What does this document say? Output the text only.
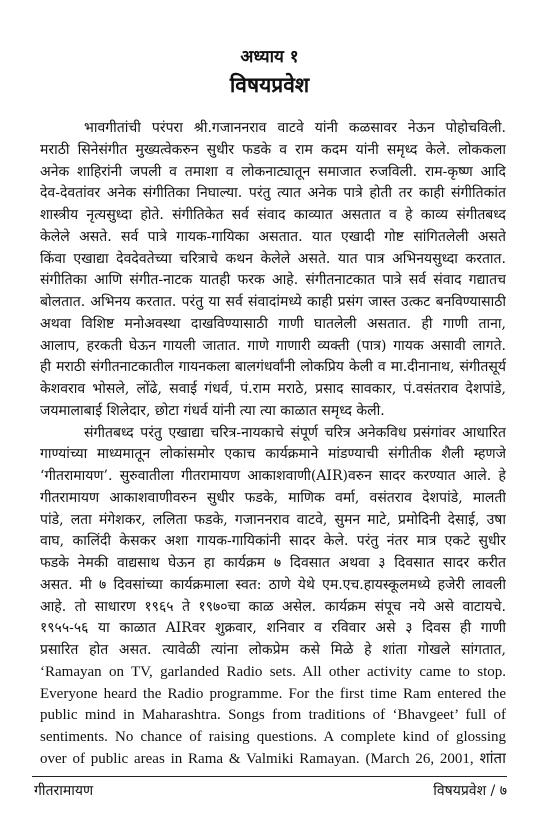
अध्याय १
विषयप्रवेश
भावगीतांची परंपरा श्री.गजाननराव वाटवे यांनी कळसावर नेऊन पोहोचविली.
मराठी सिनेसंगीत मुख्यत्वेकरुन सुधीर फडके व राम कदम यांनी समृध्द केले. लोककला
अनेक शाहिरांनी जपली व तमाशा व लोकनाट्यातून समाजात रुजविली. राम-कृष्ण आदि
देव-देवतांवर अनेक संगीतिका निघाल्या. परंतु त्यात अनेक पात्रे होती तर काही संगीतिकांत
शास्त्रीय नृत्यसुध्दा होते. संगीतिकेत सर्व संवाद काव्यात असतात व हे काव्य संगीतबध्द
केलेले असते. सर्व पात्रे गायक-गायिका असतात. यात एखादी गोष्ट सांगितलेली असते
किंवा एखाद्या देवदेवतेच्या चरित्राचे कथन केलेले असते. यात पात्र अभिनयसुध्दा करतात.
संगीतिका आणि संगीत-नाटक यातही फरक आहे. संगीतनाटकात पात्रे सर्व संवाद गद्यातच
बोलतात. अभिनय करतात. परंतु या सर्व संवादांमध्ये काही प्रसंग जास्त उत्कट बनविण्यासाठी
अथवा विशिष्ट मनोअवस्था दाखविण्यासाठी गाणी घातलेली असतात. ही गाणी ताना,
आलाप, हरकती घेऊन गायली जातात. गाणे गाणारी व्यक्ती (पात्र) गायक असावी लागते.
ही मराठी संगीतनाटकातील गायनकला बालगंधर्वांनी लोकप्रिय केली व मा.दीनानाथ, संगीतसूर्य
केशवराव भोसले, लोंढे, सवाई गंधर्व, पं.राम मराठे, प्रसाद सावकार, पं.वसंतराव देशपांडे,
जयमालाबाई शिलेदार, छोटा गंधर्व यांनी त्या त्या काळात समृध्द केली.
संगीतबध्द परंतु एखाद्या चरित्र-नायकाचे संपूर्ण चरित्र अनेकविध प्रसंगांवर आधारित
गाण्यांच्या माध्यमातून लोकांसमोर एकाच कार्यक्रमाने मांडण्याची संगीतीक शैली म्हणजे
‘गीतरामायण’. सुरुवातीला गीतरामायण आकाशवाणी(AIR)वरुन सादर करण्यात आले. हे
गीतरामायण आकाशवाणीवरुन सुधीर फडके, माणिक वर्मा, वसंतराव देशपांडे, मालती
पांडे, लता मंगेशकर, ललिता फडके, गजाननराव वाटवे, सुमन माटे, प्रमोदिनी देसाई, उषा
वाघ, कालिंदी केसकर अशा गायक-गायिकांनी सादर केले. परंतु नंतर मात्र एकटे सुधीर
फडके नेमकी वाद्यसाथ घेऊन हा कार्यक्रम ७ दिवसात अथवा ३ दिवसात सादर करीत
असत. मी ७ दिवसांच्या कार्यक्रमाला स्वत: ठाणे येथे एम.एच.हायस्कूलमध्ये हजेरी लावली
आहे. तो साधारण १९६५ ते १९७०चा काळ असेल. कार्यक्रम संपूच नये असे वाटायचे.
१९५५-५६ या काळात AIRवर शुक्रवार, शनिवार व रविवार असे ३ दिवस ही गाणी
प्रसारित होत असत. त्यावेळी त्यांना लोकप्रेम कसे मिळे हे शांता गोखले सांगतात,
‘Ramayan on TV, garlanded Radio sets. All other activity came to stop.
Everyone heard the Radio programme. For the first time Ram entered the
public mind in Maharashtra. Songs from traditions of ‘Bhavgeet’ full of
sentiments. No chance of raising questions. A complete kind of glossing
over of public areas in Rama & Valmiki Ramayan. (March 26, 2001, शांता
गीतरामायण	विषयप्रवेश / ७
